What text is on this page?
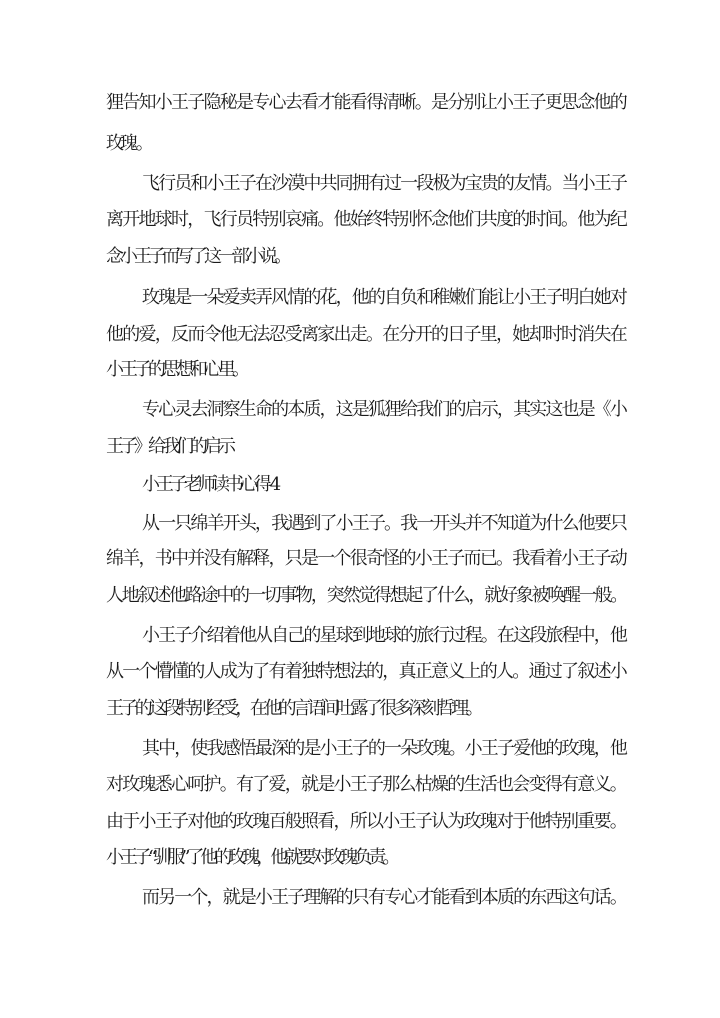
狸告知小王子隐秘是专心去看才能看得清晰。是分别让小王子更思念他的
玫瑰 。
飞行员和小王子在沙漠中共同拥有过一段极为宝贵的友情。当小王子
离开地球时，飞行员特别哀痛。他始终特别怀念他们共度的时间。他为纪
念小王子而写了这一部小说。
玫瑰是一朵爱卖弄风情的花，他的自负和稚嫩们能让小王子明白她对
他的爱，反而令他无法忍受离家出走。在分开的日子里，她却时时消失在
小王子的思想和心里。
专心灵去洞察生命的本质，这是狐狸给我们的启示，其实这也是《小
王子》给我们的启示
小王子老师读书心得 4
从一只绵羊开头，我遇到了小王子。我一开头并不知道为什么他要只
绵羊，书中并没有解释，只是一个很奇怪的小王子而已。我看着小王子动
人地叙述他路途中的一切事物，突然觉得想起了什么，就好象被唤醒一般。
小王子介绍着他从自己的星球到地球的旅行过程。在这段旅程中，他
从一个懵懂的人成为了有着独特想法的，真正意义上的人。通过了叙述小
王子的这段特别经受，在他的言语间吐露了很多深刻哲理。
其中，使我感悟最深的是小王子的一朵玫瑰。小王子爱他的玫瑰，他
对玫瑰悉心呵护。有了爱，就是小王子那么枯燥的生活也会变得有意义。
由于小王子对他的玫瑰百般照看，所以小王子认为玫瑰对于他特别重要。
小王子“驯服”了他的玫瑰，他就要对玫瑰负责。
而另一个，就是小王子理解的只有专心才能看到本质的东西这句话。
